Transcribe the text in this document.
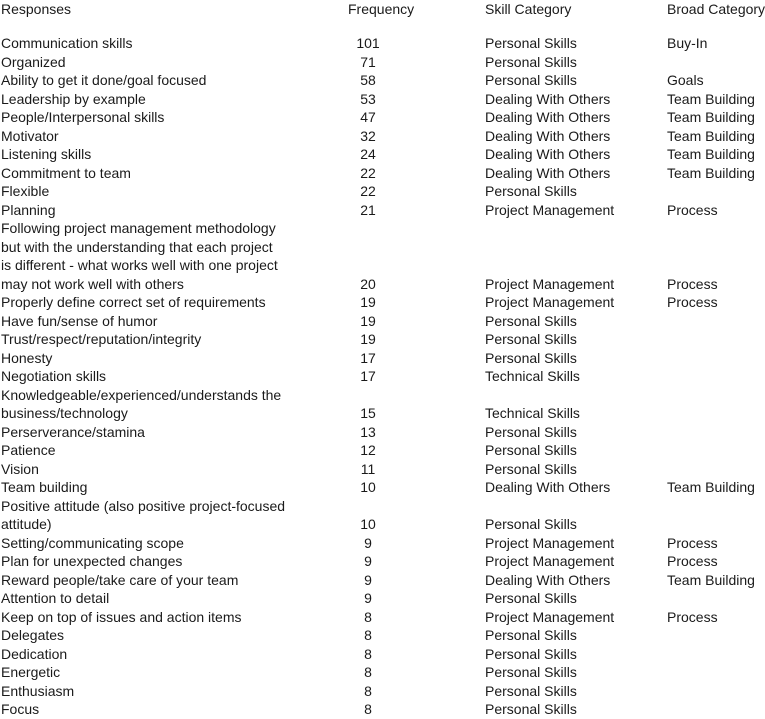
Responses	Frequency	Skill Category	Broad Category
Communication skills	101	Personal Skills	Buy-In
Organized	71	Personal Skills
Ability to get it done/goal focused	58	Personal Skills	Goals
Leadership by example	53	Dealing With Others	Team Building
People/Interpersonal skills	47	Dealing With Others	Team Building
Motivator	32	Dealing With Others	Team Building
Listening skills	24	Dealing With Others	Team Building
Commitment to team	22	Dealing With Others	Team Building
Flexible	22	Personal Skills
Planning	21	Project Management	Process
Following project management methodology
but with the understanding that each project
is different - what works well with one project
may not work well with others	20	Project Management	Process
Properly define correct set of requirements	19	Project Management	Process
Have fun/sense of humor	19	Personal Skills
Trust/respect/reputation/integrity	19	Personal Skills
Honesty	17	Personal Skills
Negotiation skills	17	Technical Skills
Knowledgeable/experienced/understands the
business/technology	15	Technical Skills
Perserverance/stamina	13	Personal Skills
Patience	12	Personal Skills
Vision	11	Personal Skills
Team building	10	Dealing With Others	Team Building
Positive attitude (also positive project-focused
attitude)	10	Personal Skills
Setting/communicating scope	9	Project Management	Process
Plan for unexpected changes	9	Project Management	Process
Reward people/take care of your team	9	Dealing With Others	Team Building
Attention to detail	9	Personal Skills
Keep on top of issues and action items	8	Project Management	Process
Delegates	8	Personal Skills
Dedication	8	Personal Skills
Energetic	8	Personal Skills
Enthusiasm	8	Personal Skills
Focus	8	Personal Skills
